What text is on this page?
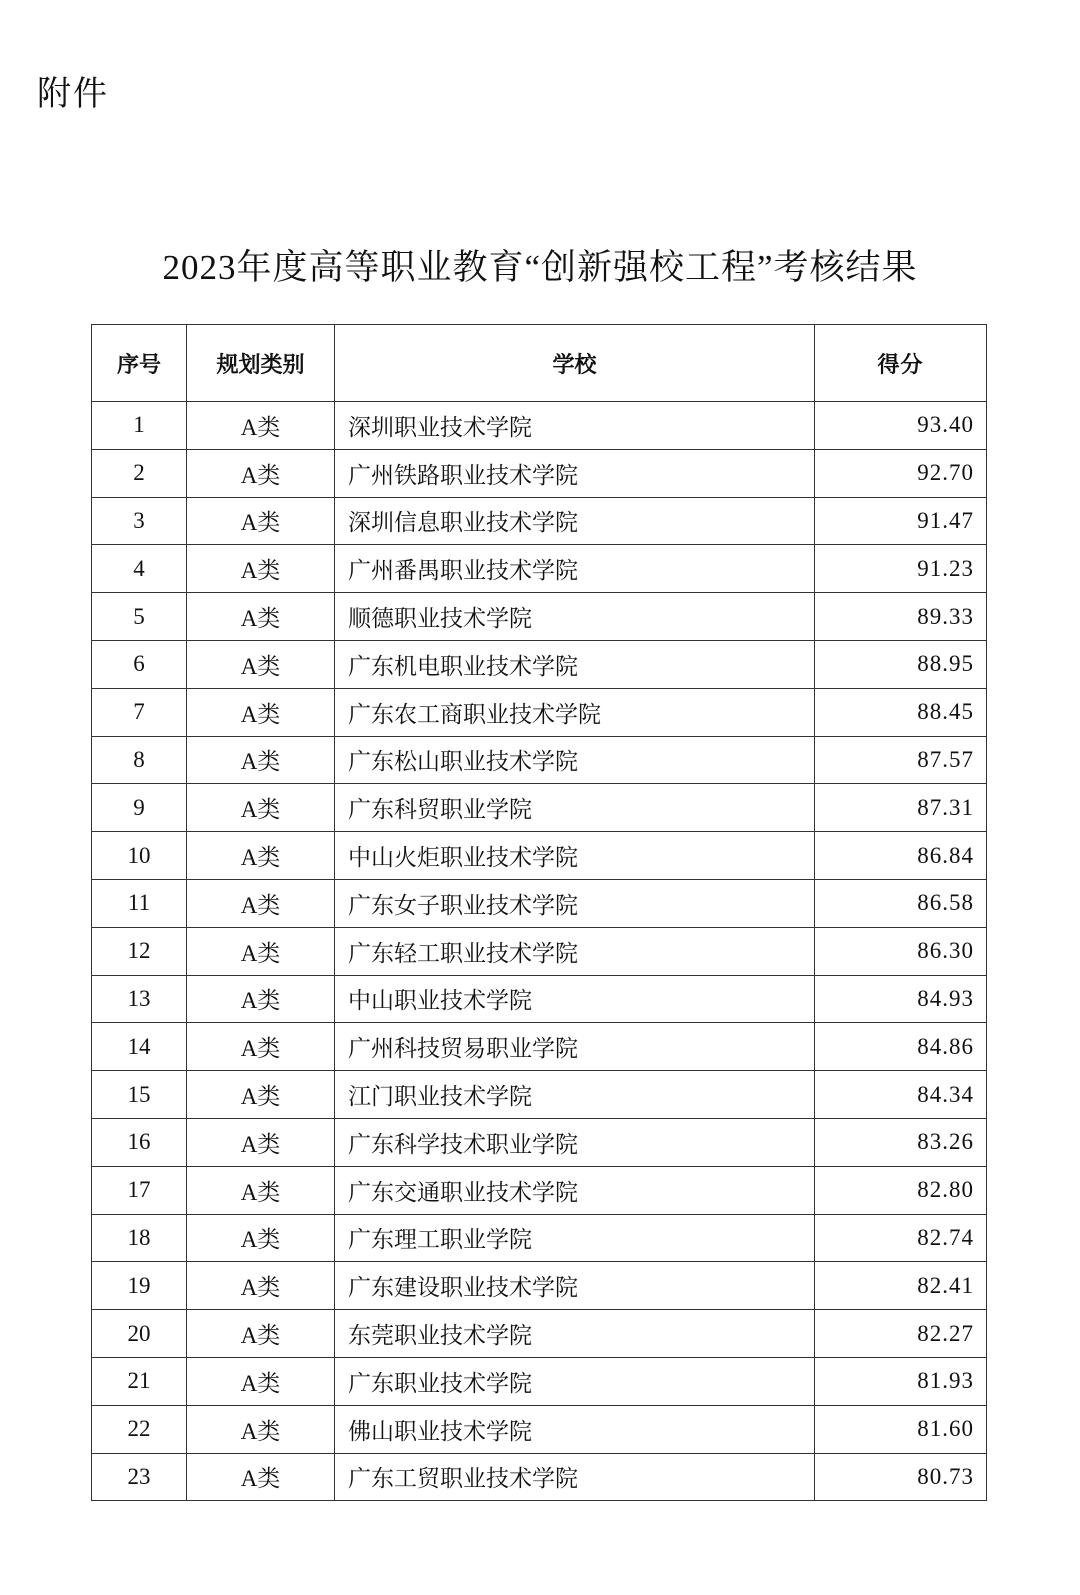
附件
2023年度高等职业教育“创新强校工程”考核结果
序号	规划类别	学校	得分
1	A类	深圳职业技术学院	93.40
2	A类	广州铁路职业技术学院	92.70
3	A类	深圳信息职业技术学院	91.47
4	A类	广州番禺职业技术学院	91.23
5	A类	顺德职业技术学院	89.33
6	A类	广东机电职业技术学院	88.95
7	A类	广东农工商职业技术学院	88.45
8	A类	广东松山职业技术学院	87.57
9	A类	广东科贸职业学院	87.31
10	A类	中山火炬职业技术学院	86.84
11	A类	广东女子职业技术学院	86.58
12	A类	广东轻工职业技术学院	86.30
13	A类	中山职业技术学院	84.93
14	A类	广州科技贸易职业学院	84.86
15	A类	江门职业技术学院	84.34
16	A类	广东科学技术职业学院	83.26
17	A类	广东交通职业技术学院	82.80
18	A类	广东理工职业学院	82.74
19	A类	广东建设职业技术学院	82.41
20	A类	东莞职业技术学院	82.27
21	A类	广东职业技术学院	81.93
22	A类	佛山职业技术学院	81.60
23	A类	广东工贸职业技术学院	80.73
